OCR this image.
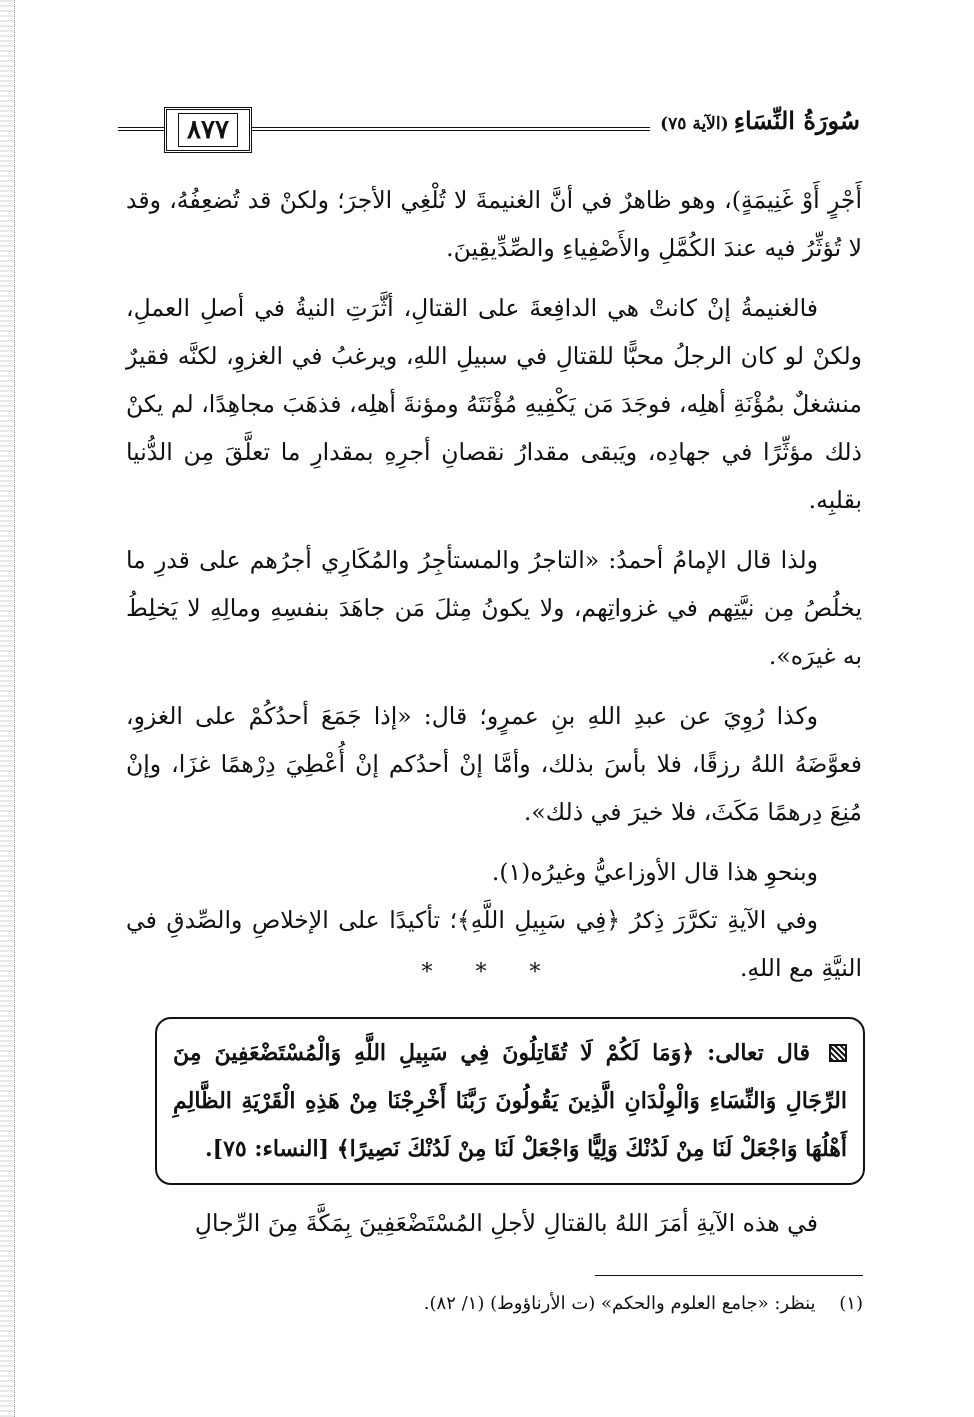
٨٧٧	سُورَةُ النِّسَاءِ (الآية ٧٥)

أَجْرٍ أَوْ غَنِيمَةٍ)، وهو ظاهرٌ في أنَّ الغنيمةَ لا تُلْغِي الأجرَ؛ ولكنْ قد تُضعِفُهُ، وقد لا تُؤثِّرُ فيه عندَ الكُمَّلِ والأَصْفِياءِ والصِّدِّيقِينَ.

فالغنيمةُ إنْ كانتْ هي الدافِعةَ على القتالِ، أثَّرَتِ النيةُ في أصلِ العملِ، ولكنْ لو كان الرجلُ محبًّا للقتالِ في سبيلِ اللهِ، ويرغبُ في الغزوِ، لكنَّه فقيرٌ منشغلٌ بمُؤْنَةِ أهلِه، فوجَدَ مَن يَكْفِيهِ مُؤْنَتَهُ ومؤنةَ أهلِه، فذهَبَ مجاهِدًا، لم يكنْ ذلك مؤثِّرًا في جهادِه، ويَبقى مقدارُ نقصانِ أجرِهِ بمقدارِ ما تعلَّقَ مِن الدُّنيا بقلبِه.

ولذا قال الإمامُ أحمدُ: «التاجرُ والمستأجِرُ والمُكَارِي أجرُهم على قدرِ ما يخلُصُ مِن نيَّتِهم في غزواتِهم، ولا يكونُ مِثلَ مَن جاهَدَ بنفسِهِ ومالِهِ لا يَخلِطُ به غيرَه».

وكذا رُوِيَ عن عبدِ اللهِ بنِ عمرٍو؛ قال: «إذا جَمَعَ أحدُكُمْ على الغزوِ، فعوَّضَهُ اللهُ رزقًا، فلا بأسَ بذلك، وأمَّا إنْ أحدُكم إنْ أُعْطِيَ دِرْهمًا غزَا، وإنْ مُنِعَ دِرهمًا مَكَثَ، فلا خيرَ في ذلك».

وبنحوِ هذا قال الأوزاعيُّ وغيرُه(١).

وفي الآيةِ تكرَّرَ ذِكرُ ﴿فِي سَبِيلِ اللَّهِ﴾؛ تأكيدًا على الإخلاصِ والصِّدقِ في النيَّةِ مع اللهِ.

* * *
قال تعالى: ﴿وَمَا لَكُمْ لَا تُقَاتِلُونَ فِي سَبِيلِ اللَّهِ وَالْمُسْتَضْعَفِينَ مِنَ الرِّجَالِ وَالنِّسَاءِ وَالْوِلْدَانِ الَّذِينَ يَقُولُونَ رَبَّنَا أَخْرِجْنَا مِنْ هَذِهِ الْقَرْيَةِ الظَّالِمِ أَهْلُهَا وَاجْعَلْ لَنَا مِنْ لَدُنْكَ وَلِيًّا وَاجْعَلْ لَنَا مِنْ لَدُنْكَ نَصِيرًا﴾ [النساء: ٧٥].
في هذه الآيةِ أمَرَ اللهُ بالقتالِ لأجلِ المُسْتَضْعَفِينَ بِمَكَّةَ مِنَ الرِّجالِ
(١) ينظر: «جامع العلوم والحكم» (ت الأرناؤوط) (١/ ٨٢).
